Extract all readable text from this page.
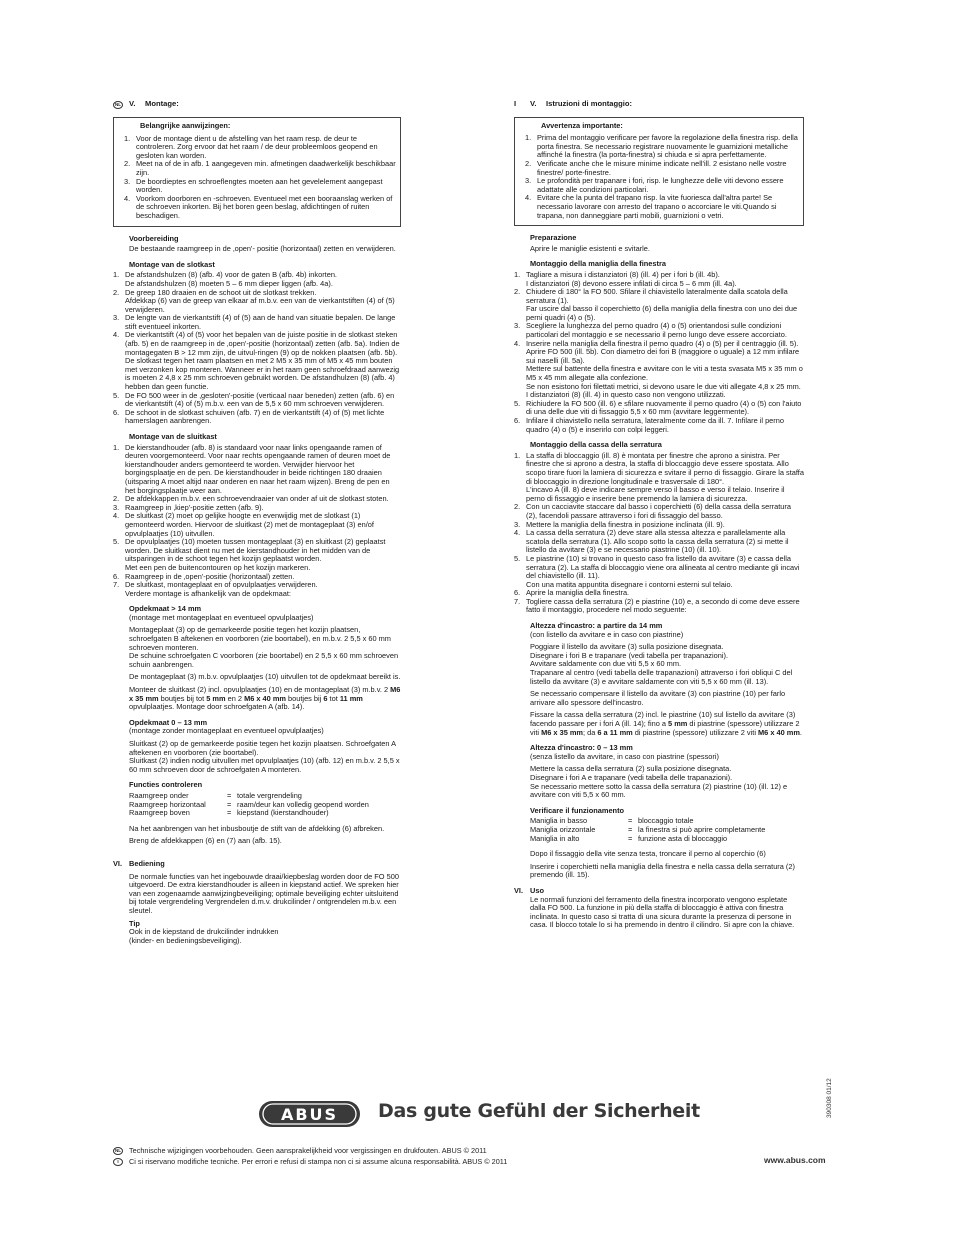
NL	V.	Montage:
Belangrijke aanwijzingen:
1. Voor de montage dient u de afstelling van het raam resp. de deur te controleren. Zorg ervoor dat het raam / de deur probleemloos geopend en gesloten kan worden.
2. Meet na of de in afb. 1 aangegeven min. afmetingen daadwerkelijk beschikbaar zijn.
3. De boordieptes en schroeflengtes moeten aan het gevelelement aangepast worden.
4. Voorkom doorboren en -schroeven. Eventueel met een booraanslag werken of de schroeven inkorten. Bij het boren geen beslag, afdichtingen of ruiten beschadigen.
Voorbereiding
De bestaande raamgreep in de ‚open'- positie (horizontaal) zetten en verwijderen.
Montage van de slotkast
1. De afstandshulzen (8) (afb. 4) voor de gaten B (afb. 4b) inkorten.
De afstandshulzen (8) moeten 5 – 6 mm dieper liggen (afb. 4a).
2. De greep 180 draaien en de schoot uit de slotkast trekken.
Afdekkap (6) van de greep van elkaar af m.b.v. een van de vierkantstiften (4) of (5) verwijderen.
3. De lengte van de vierkantstift (4) of (5) aan de hand van situatie bepalen. De lange stift eventueel inkorten.
4. De vierkantstift (4) of (5) voor het bepalen van de juiste positie in de slotkast steken (afb. 5) en de raamgreep in de ‚open'-positie (horizontaal) zetten (afb. 5a). Indien de montagegaten B > 12 mm zijn, de uitvul-ringen (9) op de nokken plaatsen (afb. 5b).
De slotkast tegen het raam plaatsen en met 2 M5 x 35 mm of M5 x 45 mm bouten met verzonken kop monteren. Wanneer er in het raam geen schroefdraad aanwezig is moeten 2 4,8 x 25 mm schroeven gebruikt worden. De afstandhulzen (8) (afb. 4) hebben dan geen functie.
5. De FO 500 weer in de ‚gesloten'-positie (verticaal naar beneden) zetten (afb. 6) en de vierkantstift (4) of (5) m.b.v. een van de 5,5 x 60 mm schroeven verwijderen.
6. De schoot in de slotkast schuiven (afb. 7) en de vierkantstift (4) of (5) met lichte hamerslagen aanbrengen.
Montage van de sluitkast
1. De kierstandhouder (afb. 8) is standaard voor naar links opengaande ramen of deuren voorgemonteerd. Voor naar rechts opengaande ramen of deuren moet de kierstandhouder anders gemonteerd te worden. Verwijder hiervoor het borgingsplaatje en de pen. De kierstandhouder in beide richtingen 180 draaien (uitsparing A moet altijd naar onderen en naar het raam wijzen). Breng de pen en het borgingsplaatje weer aan.
2. De afdekkappen m.b.v. een schroevendraaier van onder af uit de slotkast stoten.
3. Raamgreep in ‚kiep'-positie zetten (afb. 9).
4. De sluitkast (2) moet op gelijke hoogte en evenwijdig met de slotkast (1) gemonteerd worden. Hiervoor de sluitkast (2) met de montageplaat (3) en/of opvulplaatjes (10) uitvullen.
5. De opvulplaatjes (10) moeten tussen montageplaat (3) en sluitkast (2) geplaatst worden. De sluitkast dient nu met de kierstandhouder in het midden van de uitsparingen in de schoot tegen het kozijn geplaatst worden.
Met een pen de buitencontouren op het kozijn markeren.
6. Raamgreep in de ‚open'-positie (horizontaal) zetten.
7. De sluitkast, montageplaat en of opvulplaatjes verwijderen.
Verdere montage is afhankelijk van de opdekmaat:
Opdekmaat > 14 mm
(montage met montageplaat en eventueel opvulplaatjes)
Montageplaat (3) op de gemarkeerde positie tegen het kozijn plaatsen, schroefgaten B aftekenen en voorboren (zie boortabel), en m.b.v. 2 5,5 x 60 mm schroeven monteren.
De schuine schroefgaten C voorboren (zie boortabel) en 2 5,5 x 60 mm schroeven schuin aanbrengen.
De montageplaat (3) m.b.v. opvulplaatjes (10) uitvullen tot de opdekmaat bereikt is.
Monteer de sluitkast (2) incl. opvulplaatjes (10) en de montageplaat (3) m.b.v. 2 M6 x 35 mm boutjes bij tot 5 mm en 2 M6 x 40 mm boutjes bij 6 tot 11 mm opvulplaatjes. Montage door schroefgaten A (afb. 14).
Opdekmaat 0 – 13 mm
(montage zonder montageplaat en eventueel opvulplaatjes)
Sluitkast (2) op de gemarkeerde positie tegen het kozijn plaatsen. Schroefgaten A aftekenen en voorboren (zie boortabel).
Sluitkast (2) indien nodig uitvullen met opvulplaatjes (10) (afb. 12) en m.b.v. 2 5,5 x 60 mm schroeven door de schroefgaten A monteren.
Functies controleren
Raamgreep onder	= totale vergrendeling
Raamgreep horizontaal	= raam/deur kan volledig geopend worden
Raamgreep boven	= kiepstand (kierstandhouder)
Na het aanbrengen van het inbusboutje de stift van de afdekking (6) afbreken.
Breng de afdekkappen (6) en (7) aan (afb. 15).
VI. Bediening
De normale functies van het ingebouwde draai/kiepbeslag worden door de FO 500 uitgevoerd. De extra kierstandhouder is alleen in kiepstand actief. We spreken hier van een zogenaamde aanwijzingbeveiliging; optimale beveiliging echter uitsluitend bij totale vergrendeling Vergrendelen d.m.v. drukcilinder / ontgrendelen m.b.v. een sleutel.
Tip
Ook in de kiepstand de drukcilinder indrukken
(kinder- en bedieningsbeveiliging).
I	V.	Istruzioni di montaggio:
Avvertenza importante:
1. Prima del montaggio verificare per favore la regolazione della finestra risp. della porta finestra. Se necessario registrare nuovamente le guarnizioni metalliche affinché la finestra (la porta-finestra) si chiuda e si apra perfettamente.
2. Verificate anche che le misure minime indicate nell'ill. 2 esistano nelle vostre finestre/ porte-finestre.
3. Le profondità per trapanare i fori, risp. le lunghezze delle viti devono essere adattate alle condizioni particolari.
4. Evitare che la punta del trapano risp. la vite fuoriesca dall'altra parte! Se necessario lavorare con arresto del trapano o accorciare le viti.Quando si trapana, non danneggiare parti mobili, guarnizioni o vetri.
Preparazione
Aprire le maniglie esistenti e svitarle.
Montaggio della maniglia della finestra
1. Tagliare a misura i distanziatori (8) (ill. 4) per i fori b (ill. 4b).
I distanziatori (8) devono essere infilati di circa 5 – 6 mm (ill. 4a).
2. Chiudere di 180° la FO 500. Sfilare il chiavistello lateralmente dalla scatola della serratura (1).
Far uscire dal basso il coperchietto (6) della maniglia della finestra con uno dei due perni quadri (4) o (5).
3. Scegliere la lunghezza del perno quadro (4) o (5) orientandosi sulle condizioni particolari del montaggio e se necessario il perno lungo deve essere accorciato.
4. Inserire nella maniglia della finestra il perno quadro (4) o (5) per il centraggio (ill. 5). Aprire FO 500 (ill. 5b). Con diametro dei fori B (maggiore o uguale) a 12 mm infilare sui naselli (ill. 5a).
Mettere sul battente della finestra e avvitare con le viti a testa svasata M5 x 35 mm o M5 x 45 mm allegate alla confezione.
Se non esistono fori filettati metrici, si devono usare le due viti allegate 4,8 x 25 mm. I distanziatori (8) (ill. 4) in questo caso non vengono utilizzati.
5. Richiudere la FO 500 (ill. 6) e sfilare nuovamente il perno quadro (4) o (5) con l'aiuto di una delle due viti di fissaggio 5,5 x 60 mm (avvitare leggermente).
6. Infilare il chiavistello nella serratura, lateralmente come da ill. 7. Infilare il perno quadro (4) o (5) e inserirlo con colpi leggeri.
Montaggio della cassa della serratura
1. La staffa di bloccaggio (ill. 8) è montata per finestre che aprono a sinistra. Per finestre che si aprono a destra, la staffa di bloccaggio deve essere spostata. Allo scopo tirare fuori la lamiera di sicurezza e svitare il perno di fissaggio. Girare la staffa di bloccaggio in direzione longitudinale e trasversale di 180°.
L'incavo A (ill. 8) deve indicare sempre verso il basso e verso il telaio. Inserire il perno di fissaggio e inserire bene premendo la lamiera di sicurezza.
2. Con un cacciavite staccare dal basso i coperchietti (6) della cassa della serratura (2), facendoli passare attraverso i fori di fissaggio del basso.
3. Mettere la maniglia della finestra in posizione inclinata (ill. 9).
4. La cassa della serratura (2) deve stare alla stessa altezza e parallelamente alla scatola della serratura (1). Allo scopo sotto la cassa della serratura (2) si mette il listello da avvitare (3) e se necessario piastrine (10) (ill. 10).
5. Le piastrine (10) si trovano in questo caso fra listello da avvitare (3) e cassa della serratura (2). La staffa di bloccaggio viene ora allineata al centro mediante gli incavi del chiavistello (ill. 11).
Con una matita appuntita disegnare i contorni esterni sul telaio.
6. Aprire la maniglia della finestra.
7. Togliere cassa della serratura (2) e piastrine (10) e, a secondo di come deve essere fatto il montaggio, procedere nel modo seguente:
Altezza d'incastro: a partire da 14 mm
(con listello da avvitare e in caso con piastrine)
Poggiare il listello da avvitare (3) sulla posizione disegnata.
Disegnare i fori B e trapanare (vedi tabella per trapanazioni).
Avvitare saldamente con due viti 5,5 x 60 mm.
Trapanare al centro (vedi tabella delle trapanazioni) attraverso i fori obliqui C del listello da avvitare (3) e avvitare saldamente con viti 5,5 x 60 mm (ill. 13).
Se necessario compensare il listello da avvitare (3) con piastrine (10) per farlo arrivare allo spessore dell'incastro.
Fissare la cassa della serratura (2) incl. le piastrine (10) sul listello da avvitare (3) facendo passare per i fori A (ill. 14); fino a 5 mm di piastrine (spessore) utilizzare 2 viti M6 x 35 mm; da 6 a 11 mm di piastrine (spessore) utilizzare 2 viti M6 x 40 mm.
Altezza d'incastro: 0 – 13 mm
(senza listello da avvitare, in caso con piastrine (spessori)
Mettere la cassa della serratura (2) sulla posizione disegnata.
Disegnare i fori A e trapanare (vedi tabella delle trapanazioni).
Se necessario mettere sotto la cassa della serratura (2) piastrine (10) (ill. 12) e avvitare con viti 5,5 x 60 mm.
Verificare il funzionamento
Maniglia in basso	= bloccaggio totale
Maniglia orizzontale	= la finestra si può aprire completamente
Maniglia in alto	= funzione asta di bloccaggio
Dopo il fissaggio della vite senza testa, troncare il perno al coperchio (6)
Inserire i coperchietti nella maniglia della finestra e nella cassa della serratura (2) premendo (ill. 15).
VI. Uso
Le normali funzioni del ferramento della finestra incorporato vengono espletate dalla FO 500. La funzione in più della staffa di bloccaggio è attiva con finestra inclinata. In questo caso si tratta di una sicura durante la presenza di persone in casa. Il blocco totale lo si ha premendo in dentro il cilindro. Si apre con la chiave.
ABUS Das gute Gefühl der Sicherheit	390308 01/12
NL Technische wijzigingen voorbehouden. Geen aansprakelijkheid voor vergissingen en drukfouten. ABUS © 2011
I	Ci si riservano modifiche tecniche. Per errori e refusi di stampa non ci si assume alcuna responsabilità. ABUS © 2011	www.abus.com
